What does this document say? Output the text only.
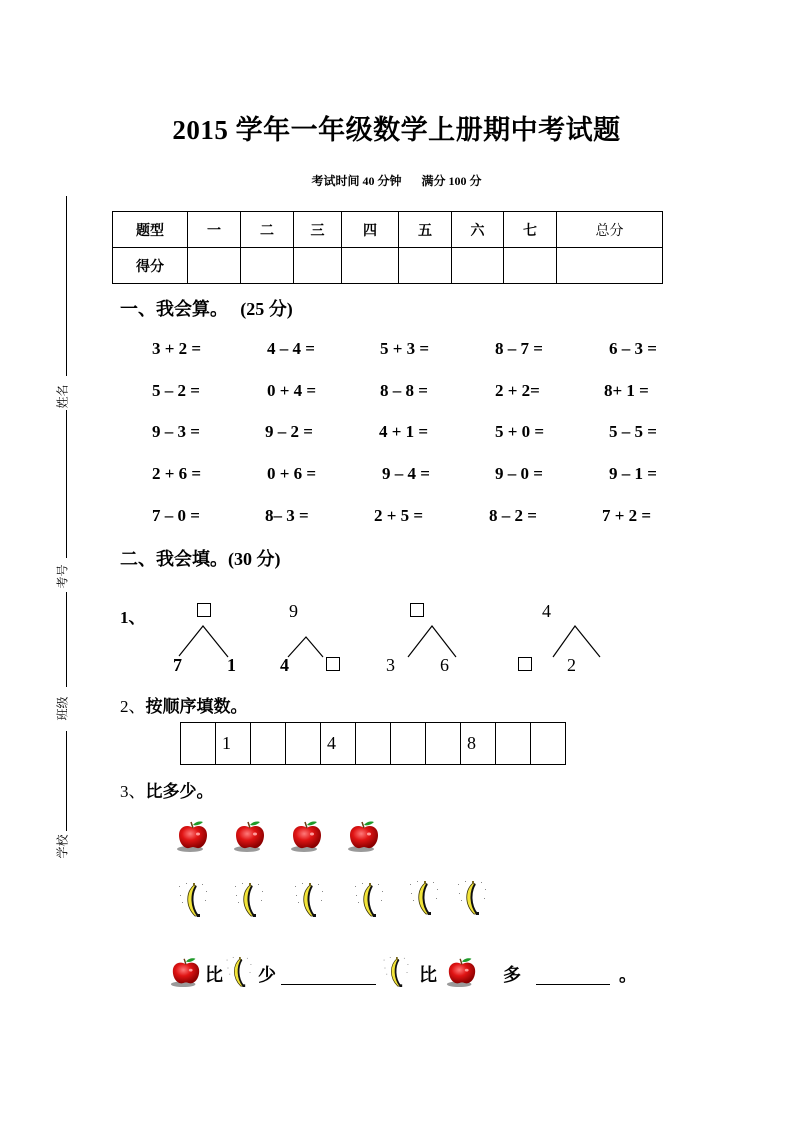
2015 学年一年级数学上册期中考试题
考试时间 40 分钟 满分 100 分
姓名
考号
班级
学校
题型	一	二	三	四	五	六	七	总分
得分								
一、我会算。 (25 分)
3 + 2 =	4 – 4 =	5 + 3 =	8 – 7 =	6 – 3 =
5 – 2 =	0 + 4 =	8 – 8 =	2 + 2=	8+ 1 =
9 – 3 =	9 – 2 =	4 + 1 =	5 + 0 =	5 – 5 =
2 + 6 =	0 + 6 =	9 – 4 =	9 – 0 =	9 – 1 =
7 – 0 =	8– 3 =	2 + 5 =	8 – 2 =	7 + 2 =
二、我会填。(30 分)
1、
7	1
9
4	3	6
4
2
2、按顺序填数。
	1			4				8		
3、比多少。
比 少	比	多	。
